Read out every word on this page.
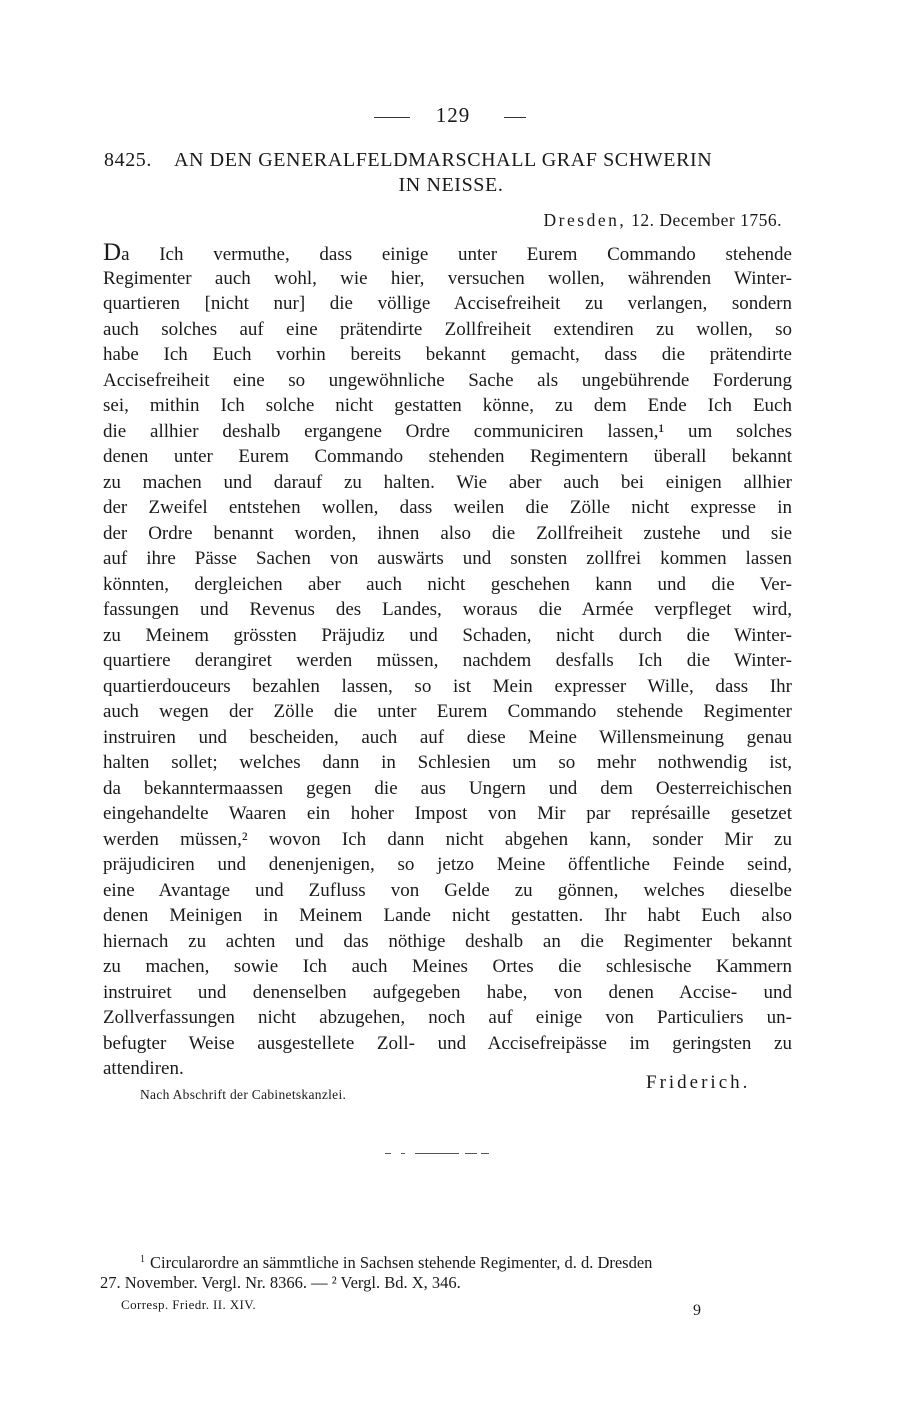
129
8425.	AN DEN GENERALFELDMARSCHALL GRAF SCHWERIN
IN NEISSE.
Dresden, 12. December 1756.
Da Ich vermuthe, dass einige unter Eurem Commando stehende
Regimenter auch wohl, wie hier, versuchen wollen, währenden Winter-
quartieren [nicht nur] die völlige Accisefreiheit zu verlangen, sondern
auch solches auf eine prätendirte Zollfreiheit extendiren zu wollen, so
habe Ich Euch vorhin bereits bekannt gemacht, dass die prätendirte
Accisefreiheit eine so ungewöhnliche Sache als ungebührende Forderung
sei, mithin Ich solche nicht gestatten könne, zu dem Ende Ich Euch
die allhier deshalb ergangene Ordre communiciren lassen,¹ um solches
denen unter Eurem Commando stehenden Regimentern überall bekannt
zu machen und darauf zu halten. Wie aber auch bei einigen allhier
der Zweifel entstehen wollen, dass weilen die Zölle nicht expresse in
der Ordre benannt worden, ihnen also die Zollfreiheit zustehe und sie
auf ihre Pässe Sachen von auswärts und sonsten zollfrei kommen lassen
könnten, dergleichen aber auch nicht geschehen kann und die Ver-
fassungen und Revenus des Landes, woraus die Armée verpfleget wird,
zu Meinem grössten Präjudiz und Schaden, nicht durch die Winter-
quartiere derangiret werden müssen, nachdem desfalls Ich die Winter-
quartierdouceurs bezahlen lassen, so ist Mein expresser Wille, dass Ihr
auch wegen der Zölle die unter Eurem Commando stehende Regimenter
instruiren und bescheiden, auch auf diese Meine Willensmeinung genau
halten sollet; welches dann in Schlesien um so mehr nothwendig ist,
da bekanntermaassen gegen die aus Ungern und dem Oesterreichischen
eingehandelte Waaren ein hoher Impost von Mir par représaille gesetzet
werden müssen,² wovon Ich dann nicht abgehen kann, sonder Mir zu
präjudiciren und denenjenigen, so jetzo Meine öffentliche Feinde seind,
eine Avantage und Zufluss von Gelde zu gönnen, welches dieselbe
denen Meinigen in Meinem Lande nicht gestatten. Ihr habt Euch also
hiernach zu achten und das nöthige deshalb an die Regimenter bekannt
zu machen, sowie Ich auch Meines Ortes die schlesische Kammern
instruiret und denenselben aufgegeben habe, von denen Accise- und
Zollverfassungen nicht abzugehen, noch auf einige von Particuliers un-
befugter Weise ausgestellete Zoll- und Accisefreipässe im geringsten zu
attendiren.
Nach Abschrift der Cabinetskanzlei.
Friderich.
$^1$ Circularordre an sämmtliche in Sachsen stehende Regimenter, d. d. Dresden
27. November. Vergl. Nr. 8366. — ² Vergl. Bd. X, 346.
Corresp. Friedr. II. XIV.	9
